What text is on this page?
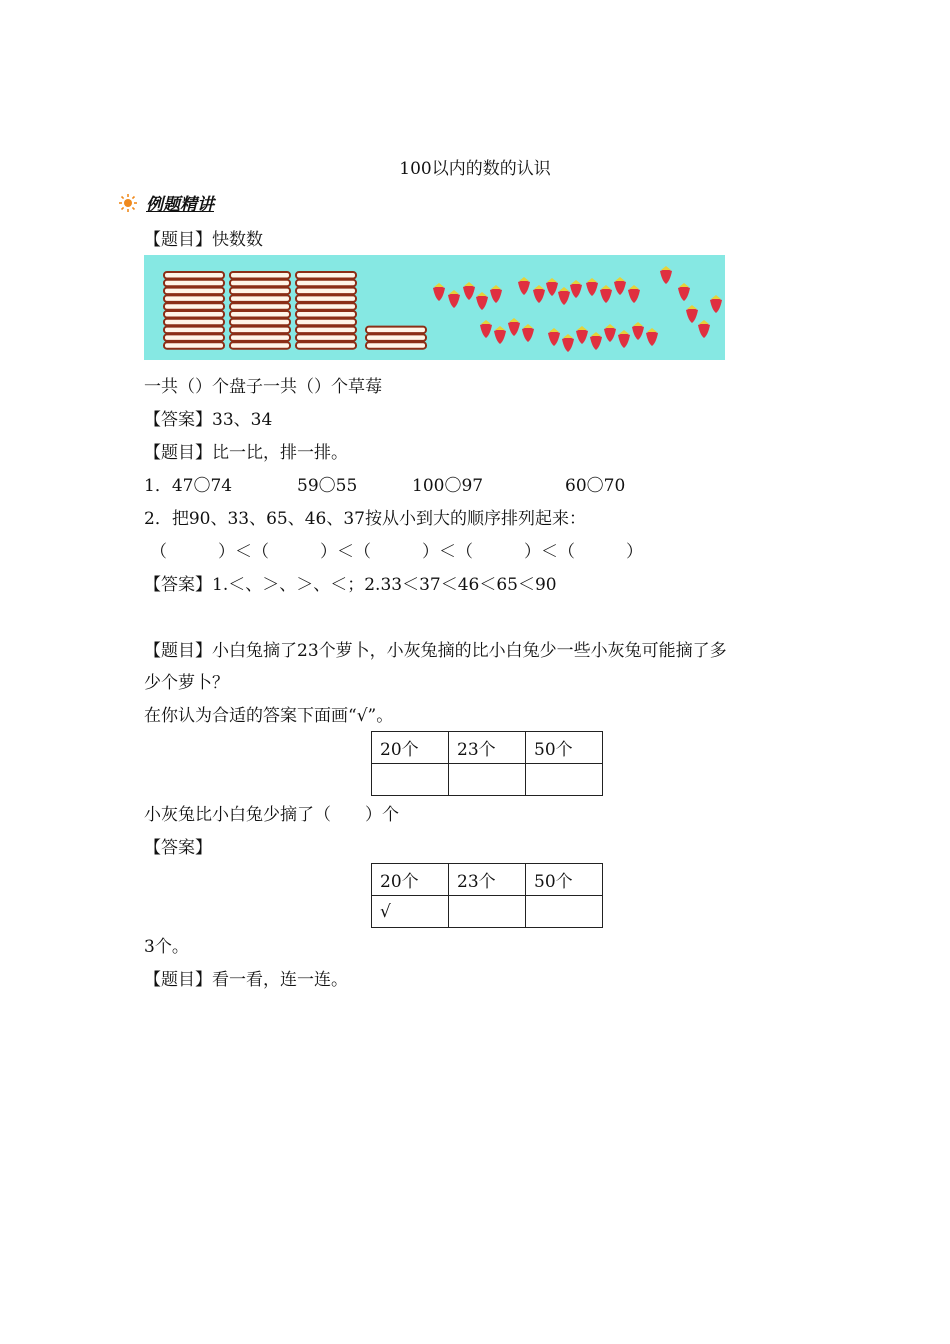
100以内的数的认识
例题精讲
【题目】快数数
一共（）个盘子一共（）个草莓
【答案】33、34
【题目】比一比，排一排。
1．47〇74	59〇55	100〇97	60〇70
2．把90、33、65、46、37按从小到大的顺序排列起来：
（　　　）＜（　　　）＜（　　　）＜（　　　）＜（　　　）
【答案】1.＜、＞、＞、＜；2.33＜37＜46＜65＜90
【题目】小白兔摘了23个萝卜，小灰兔摘的比小白兔少一些小灰兔可能摘了多
少个萝卜？
在你认为合适的答案下面画“√”。
20个	23个	50个

小灰兔比小白兔少摘了（　　）个
【答案】
20个	23个	50个
√		
3个。
【题目】看一看，连一连。
